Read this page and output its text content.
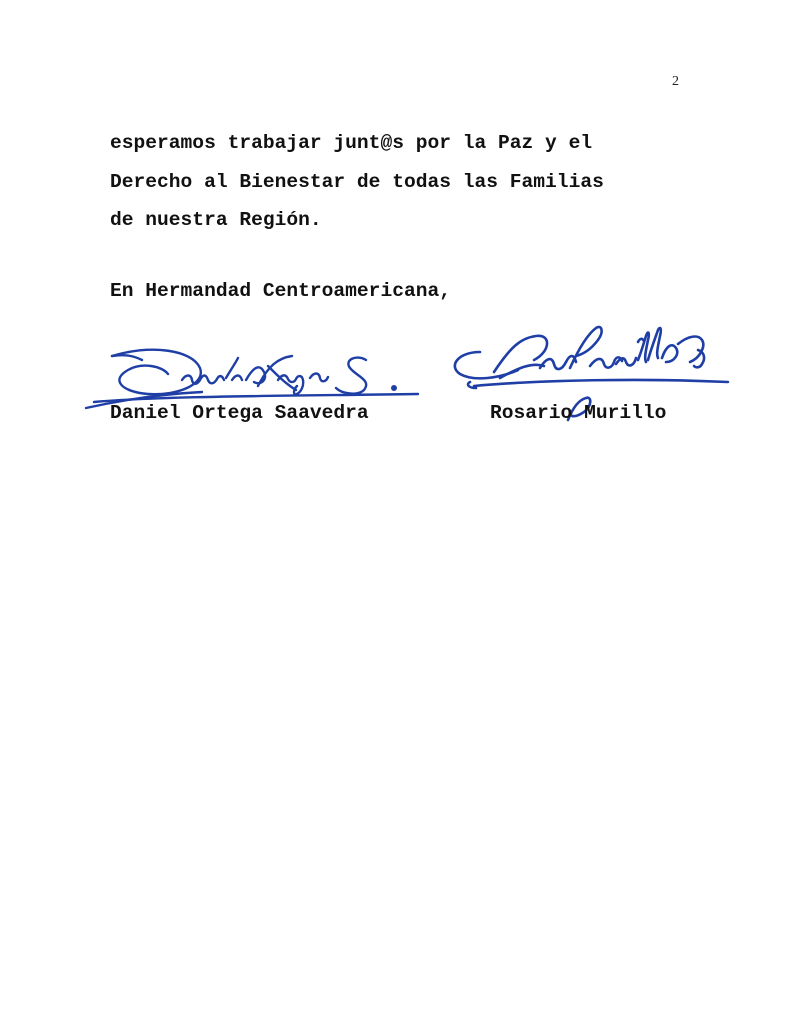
2

esperamos trabajar junt@s por la Paz y el
Derecho al Bienestar de todas las Familias
de nuestra Región.

En Hermandad Centroamericana,
Daniel Ortega Saavedra	Rosario Murillo
